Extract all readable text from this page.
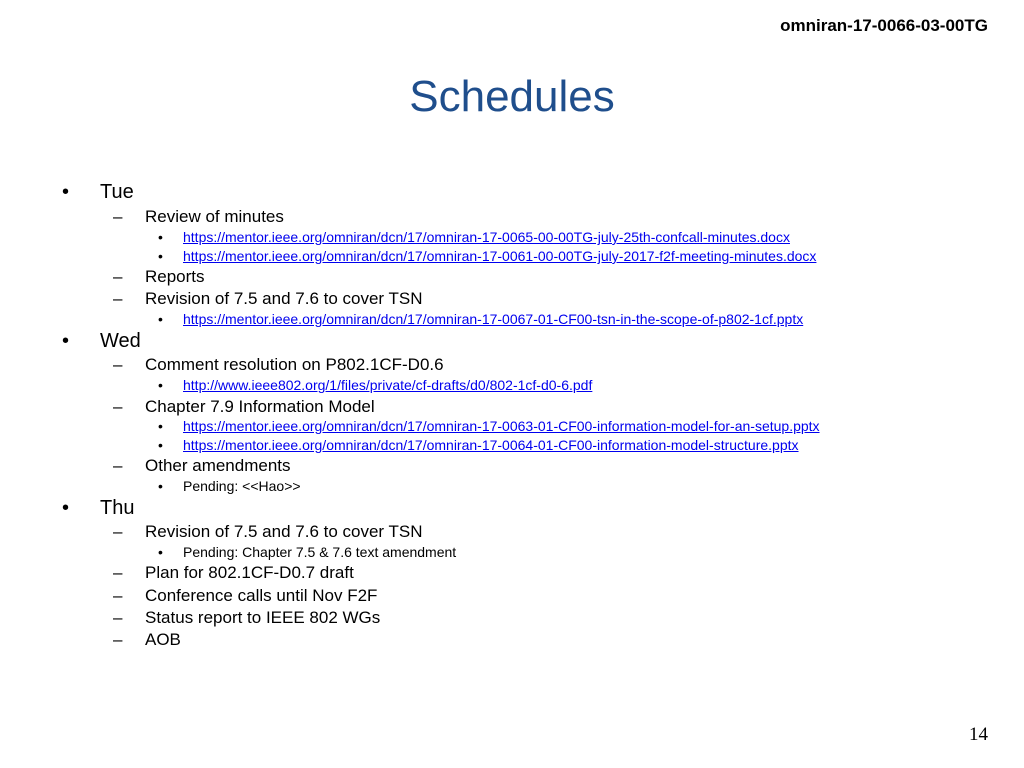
omniran-17-0066-03-00TG
Schedules
• Tue
– Review of minutes
• https://mentor.ieee.org/omniran/dcn/17/omniran-17-0065-00-00TG-july-25th-confcall-minutes.docx
• https://mentor.ieee.org/omniran/dcn/17/omniran-17-0061-00-00TG-july-2017-f2f-meeting-minutes.docx
– Reports
– Revision of 7.5 and 7.6 to cover TSN
• https://mentor.ieee.org/omniran/dcn/17/omniran-17-0067-01-CF00-tsn-in-the-scope-of-p802-1cf.pptx
• Wed
– Comment resolution on P802.1CF-D0.6
• http://www.ieee802.org/1/files/private/cf-drafts/d0/802-1cf-d0-6.pdf
– Chapter 7.9 Information Model
• https://mentor.ieee.org/omniran/dcn/17/omniran-17-0063-01-CF00-information-model-for-an-setup.pptx
• https://mentor.ieee.org/omniran/dcn/17/omniran-17-0064-01-CF00-information-model-structure.pptx
– Other amendments
• Pending: <<Hao>>
• Thu
– Revision of 7.5 and 7.6 to cover TSN
• Pending: Chapter 7.5 & 7.6 text amendment
– Plan for 802.1CF-D0.7 draft
– Conference calls until Nov F2F
– Status report to IEEE 802 WGs
– AOB
14
